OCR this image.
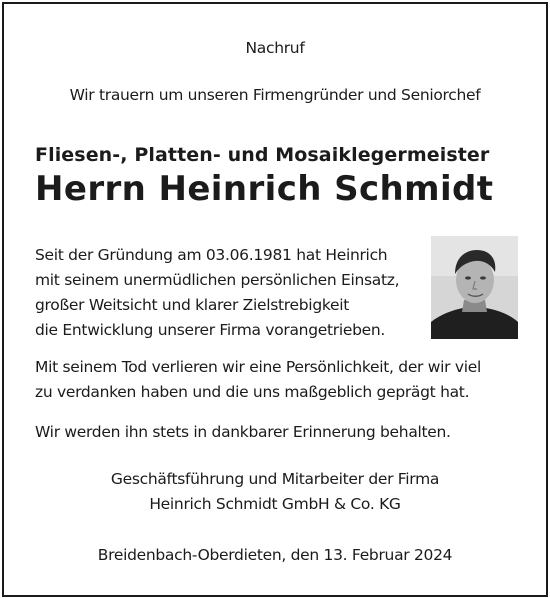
Nachruf

Wir trauern um unseren Firmengründer und Seniorchef

Fliesen-, Platten- und Mosaiklegermeister

Herrn Heinrich Schmidt

Seit der Gründung am 03.06.1981 hat Heinrich

mit seinem unermüdlichen persönlichen Einsatz,

großer Weitsicht und klarer Zielstrebigkeit

die Entwicklung unserer Firma vorangetrieben.

Mit seinem Tod verlieren wir eine Persönlichkeit, der wir viel

zu verdanken haben und die uns maßgeblich geprägt hat.

Wir werden ihn stets in dankbarer Erinnerung behalten.

Geschäftsführung und Mitarbeiter der Firma

Heinrich Schmidt GmbH & Co. KG

Breidenbach-Oberdieten, den 13. Februar 2024
